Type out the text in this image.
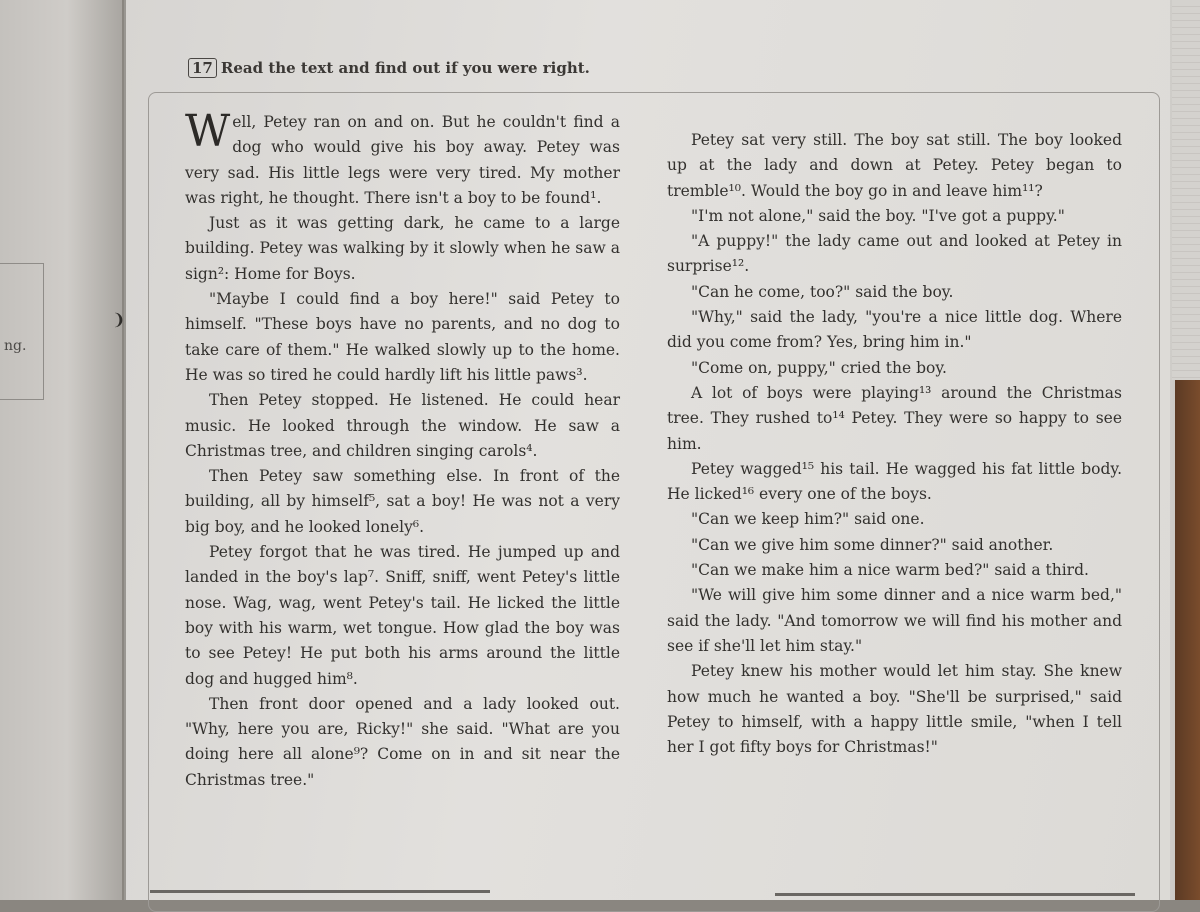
ng.
❩
17 Read the text and find out if you were right.

Well, Petey ran on and on. But he couldn't find a dog who would give his boy away. Petey was very sad. His little legs were very tired. My mother was right, he thought. There isn't a boy to be found¹.

Just as it was getting dark, he came to a large building. Petey was walking by it slowly when he saw a sign²: Home for Boys.

"Maybe I could find a boy here!" said Petey to himself. "These boys have no parents, and no dog to take care of them." He walked slowly up to the home. He was so tired he could hardly lift his little paws³.

Then Petey stopped. He listened. He could hear music. He looked through the window. He saw a Christmas tree, and children singing carols⁴.

Then Petey saw something else. In front of the building, all by himself⁵, sat a boy! He was not a very big boy, and he looked lonely⁶.

Petey forgot that he was tired. He jumped up and landed in the boy's lap⁷. Sniff, sniff, went Petey's little nose. Wag, wag, went Petey's tail. He licked the little boy with his warm, wet tongue. How glad the boy was to see Petey! He put both his arms around the little dog and hugged him⁸.

Then front door opened and a lady looked out. "Why, here you are, Ricky!" she said. "What are you doing here all alone⁹? Come on in and sit near the Christmas tree."

Petey sat very still. The boy sat still. The boy looked up at the lady and down at Petey. Petey began to tremble¹⁰. Would the boy go in and leave him¹¹?

"I'm not alone," said the boy. "I've got a puppy."

"A puppy!" the lady came out and looked at Petey in surprise¹².

"Can he come, too?" said the boy.

"Why," said the lady, "you're a nice little dog. Where did you come from? Yes, bring him in."

"Come on, puppy," cried the boy.

A lot of boys were playing¹³ around the Christmas tree. They rushed to¹⁴ Petey. They were so happy to see him.

Petey wagged¹⁵ his tail. He wagged his fat little body. He licked¹⁶ every one of the boys.

"Can we keep him?" said one.

"Can we give him some dinner?" said another.

"Can we make him a nice warm bed?" said a third.

"We will give him some dinner and a nice warm bed," said the lady. "And tomorrow we will find his mother and see if she'll let him stay."

Petey knew his mother would let him stay. She knew how much he wanted a boy. "She'll be surprised," said Petey to himself, with a happy little smile, "when I tell her I got fifty boys for Christmas!"
